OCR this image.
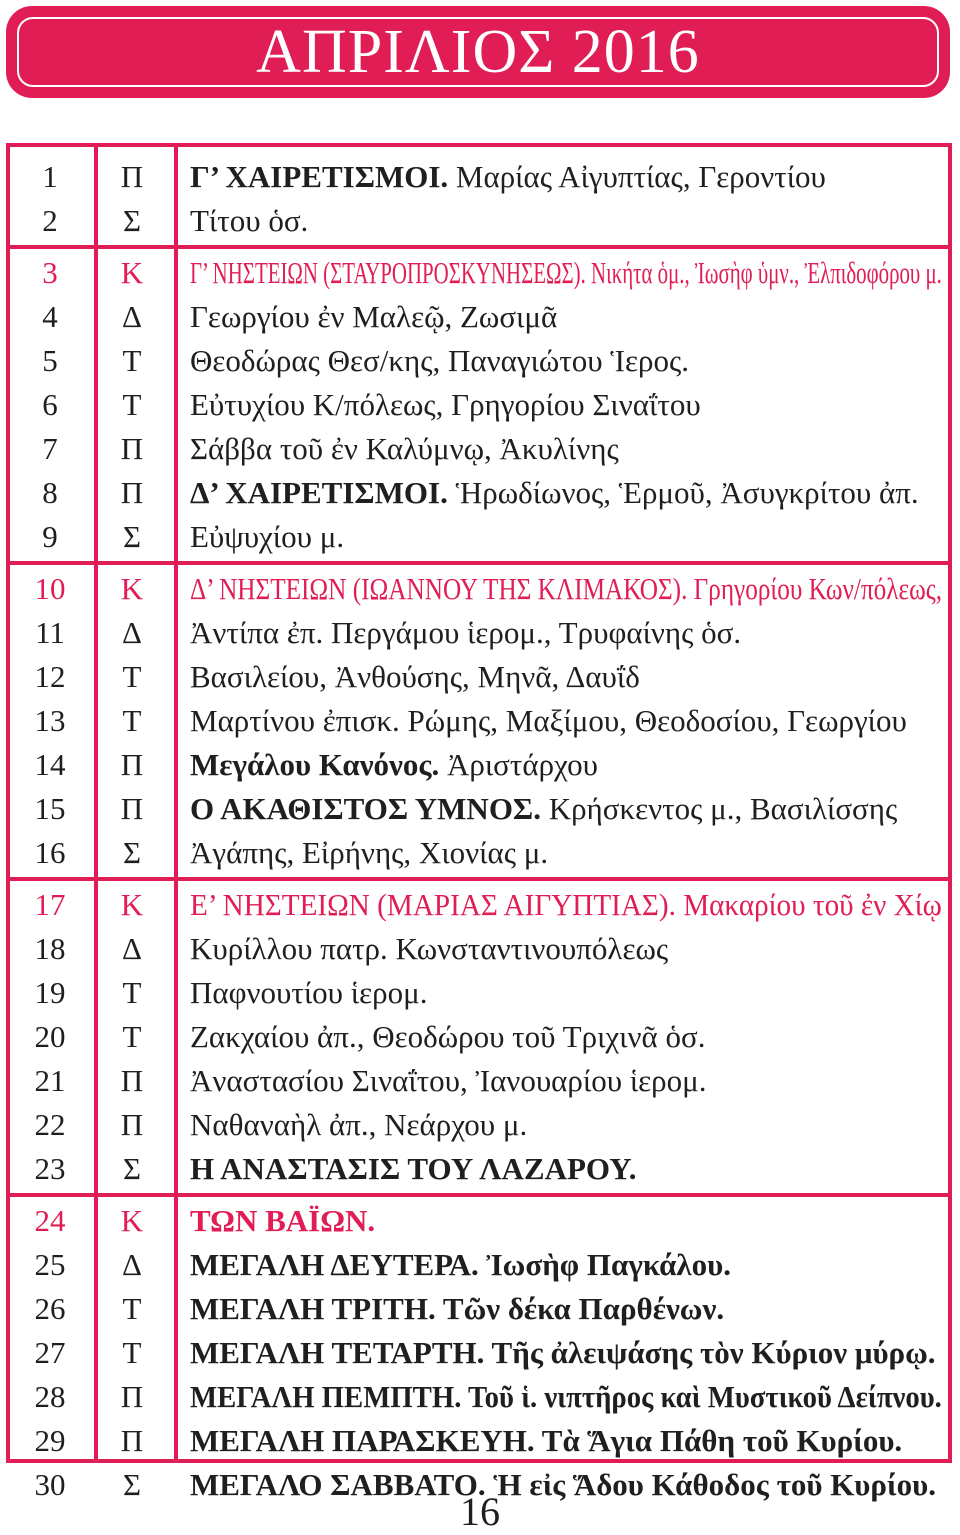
ΑΠΡΙΛΙΟΣ 2016
1	Π	Γ’ ΧΑΙΡΕΤΙΣΜΟΙ. Μαρίας Αἰγυπτίας, Γεροντίου
2	Σ	Τίτου ὁσ.
3	Κ	Γ’ ΝΗΣΤΕΙΩΝ (ΣΤΑΥΡΟΠΡΟΣΚΥΝΗΣΕΩΣ). Νικήτα ὁμ., Ἰωσὴφ ὑμν., Ἐλπιδοφόρου μ.
4	Δ	Γεωργίου ἐν Μαλεῷ, Ζωσιμᾶ
5	Τ	Θεοδώρας Θεσ/κης, Παναγιώτου Ἱερος.
6	Τ	Εὐτυχίου Κ/πόλεως, Γρηγορίου Σιναΐτου
7	Π	Σάββα τοῦ ἐν Καλύμνῳ, Ἀκυλίνης
8	Π	Δ’ ΧΑΙΡΕΤΙΣΜΟΙ. Ἡρωδίωνος, Ἑρμοῦ, Ἀσυγκρίτου ἀπ.
9	Σ	Εὐψυχίου μ.
10	Κ	Δ’ ΝΗΣΤΕΙΩΝ (ΙΩΑΝΝΟΥ ΤΗΣ ΚΛΙΜΑΚΟΣ). Γρηγορίου Κων/πόλεως,
11	Δ	Ἀντίπα ἐπ. Περγάμου ἱερομ., Τρυφαίνης ὁσ.
12	Τ	Βασιλείου, Ἀνθούσης, Μηνᾶ, Δαυΐδ
13	Τ	Μαρτίνου ἐπισκ. Ρώμης, Μαξίμου, Θεοδοσίου, Γεωργίου
14	Π	Μεγάλου Κανόνος. Ἀριστάρχου
15	Π	Ο ΑΚΑΘΙΣΤΟΣ ΥΜΝΟΣ. Κρήσκεντος μ., Βασιλίσσης
16	Σ	Ἀγάπης, Εἰρήνης, Χιονίας μ.
17	Κ	Ε’ ΝΗΣΤΕΙΩΝ (ΜΑΡΙΑΣ ΑΙΓΥΠΤΙΑΣ). Μακαρίου τοῦ ἐν Χίῳ
18	Δ	Κυρίλλου πατρ. Κωνσταντινουπόλεως
19	Τ	Παφνουτίου ἱερομ.
20	Τ	Ζακχαίου ἀπ., Θεοδώρου τοῦ Τριχινᾶ ὁσ.
21	Π	Ἀναστασίου Σιναΐτου, Ἰανουαρίου ἱερομ.
22	Π	Ναθαναὴλ ἀπ., Νεάρχου μ.
23	Σ	Η ΑΝΑΣΤΑΣΙΣ ΤΟΥ ΛΑΖΑΡΟΥ.
24	Κ	ΤΩΝ ΒΑΪΩΝ.
25	Δ	ΜΕΓΑΛΗ ΔΕΥΤΕΡΑ. Ἰωσὴφ Παγκάλου.
26	Τ	ΜΕΓΑΛΗ ΤΡΙΤΗ. Τῶν δέκα Παρθένων.
27	Τ	ΜΕΓΑΛΗ ΤΕΤΑΡΤΗ. Τῆς ἀλειψάσης τὸν Κύριον μύρῳ.
28	Π	ΜΕΓΑΛΗ ΠΕΜΠΤΗ. Τοῦ ἱ. νιπτῆρος καὶ Μυστικοῦ Δείπνου.
29	Π	ΜΕΓΑΛΗ ΠΑΡΑΣΚΕΥΗ. Τὰ Ἅγια Πάθη τοῦ Κυρίου.
30	Σ	ΜΕΓΑΛΟ ΣΑΒΒΑΤΟ. Ἡ εἰς Ἅδου Κάθοδος τοῦ Κυρίου.
16
